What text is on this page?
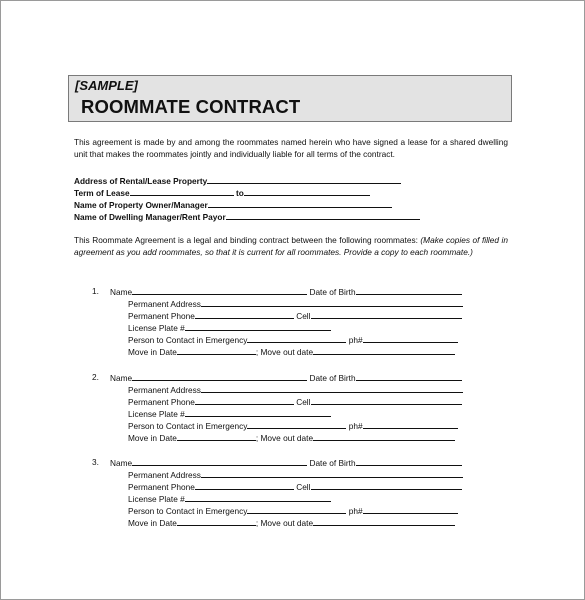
[SAMPLE]
ROOMMATE CONTRACT
This agreement is made by and among the roommates named herein who have signed a lease for a shared dwelling unit that makes the roommates jointly and individually liable for all terms of the contract.
Address of Rental/Lease Property
Term of Lease	to
Name of Property Owner/Manager
Name of Dwelling Manager/Rent Payor
This Roommate Agreement is a legal and binding contract between the following roommates: (Make copies of filled in agreement as you add roommates, so that it is current for all roommates. Provide a copy to each roommate.)
1. Name	Date of Birth
Permanent Address
Permanent Phone	Cell
License Plate #
Person to Contact in Emergency	ph#
Move in Date	; Move out date
2. Name	Date of Birth
Permanent Address
Permanent Phone	Cell
License Plate #
Person to Contact in Emergency	ph#
Move in Date	; Move out date
3. Name	Date of Birth
Permanent Address
Permanent Phone	Cell
License Plate #
Person to Contact in Emergency	ph#
Move in Date	; Move out date
